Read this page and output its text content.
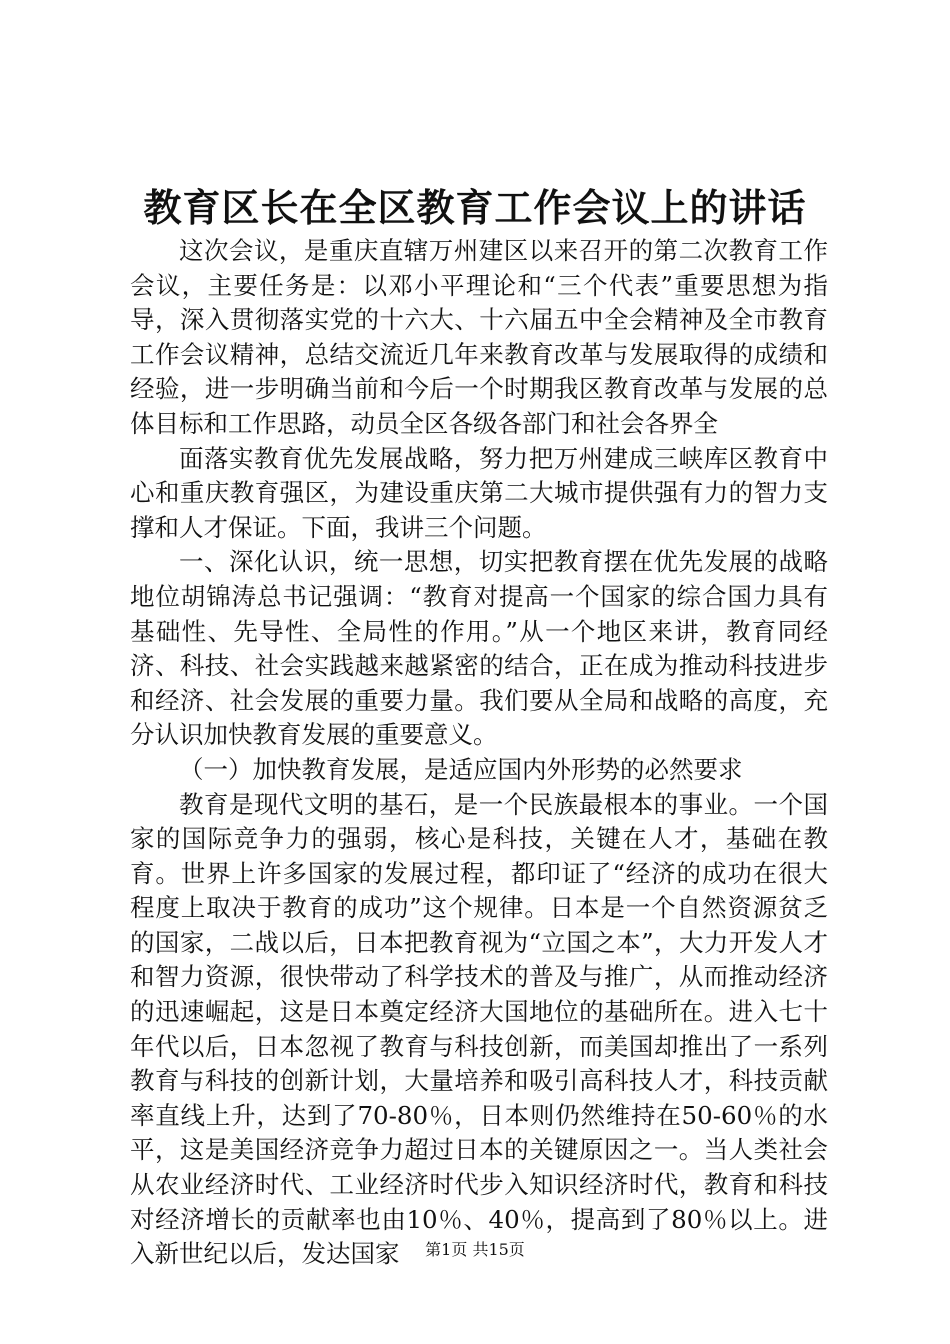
教育区长在全区教育工作会议上的讲话

这次会议，是重庆直辖万州建区以来召开的第二次教育工作会议，主要任务是：以邓小平理论和“三个代表”重要思想为指导，深入贯彻落实党的十六大、十六届五中全会精神及全市教育工作会议精神，总结交流近几年来教育改革与发展取得的成绩和经验，进一步明确当前和今后一个时期我区教育改革与发展的总体目标和工作思路，动员全区各级各部门和社会各界全

面落实教育优先发展战略，努力把万州建成三峡库区教育中心和重庆教育强区，为建设重庆第二大城市提供强有力的智力支撑和人才保证。下面，我讲三个问题。

一、深化认识，统一思想，切实把教育摆在优先发展的战略地位胡锦涛总书记强调：“教育对提高一个国家的综合国力具有基础性、先导性、全局性的作用。”从一个地区来讲，教育同经济、科技、社会实践越来越紧密的结合，正在成为推动科技进步和经济、社会发展的重要力量。我们要从全局和战略的高度，充分认识加快教育发展的重要意义。

（一）加快教育发展，是适应国内外形势的必然要求

教育是现代文明的基石，是一个民族最根本的事业。一个国家的国际竞争力的强弱，核心是科技，关键在人才，基础在教育。世界上许多国家的发展过程，都印证了“经济的成功在很大程度上取决于教育的成功”这个规律。日本是一个自然资源贫乏的国家，二战以后，日本把教育视为“立国之本”，大力开发人才和智力资源，很快带动了科学技术的普及与推广，从而推动经济的迅速崛起，这是日本奠定经济大国地位的基础所在。进入七十年代以后，日本忽视了教育与科技创新，而美国却推出了一系列教育与科技的创新计划，大量培养和吸引高科技人才，科技贡献率直线上升，达到了70-80％，日本则仍然维持在50-60％的水平，这是美国经济竞争力超过日本的关键原因之一。当人类社会从农业经济时代、工业经济时代步入知识经济时代，教育和科技对经济增长的贡献率也由10％、40％，提高到了80％以上。进入新世纪以后，发达国家	第1页 共15页
